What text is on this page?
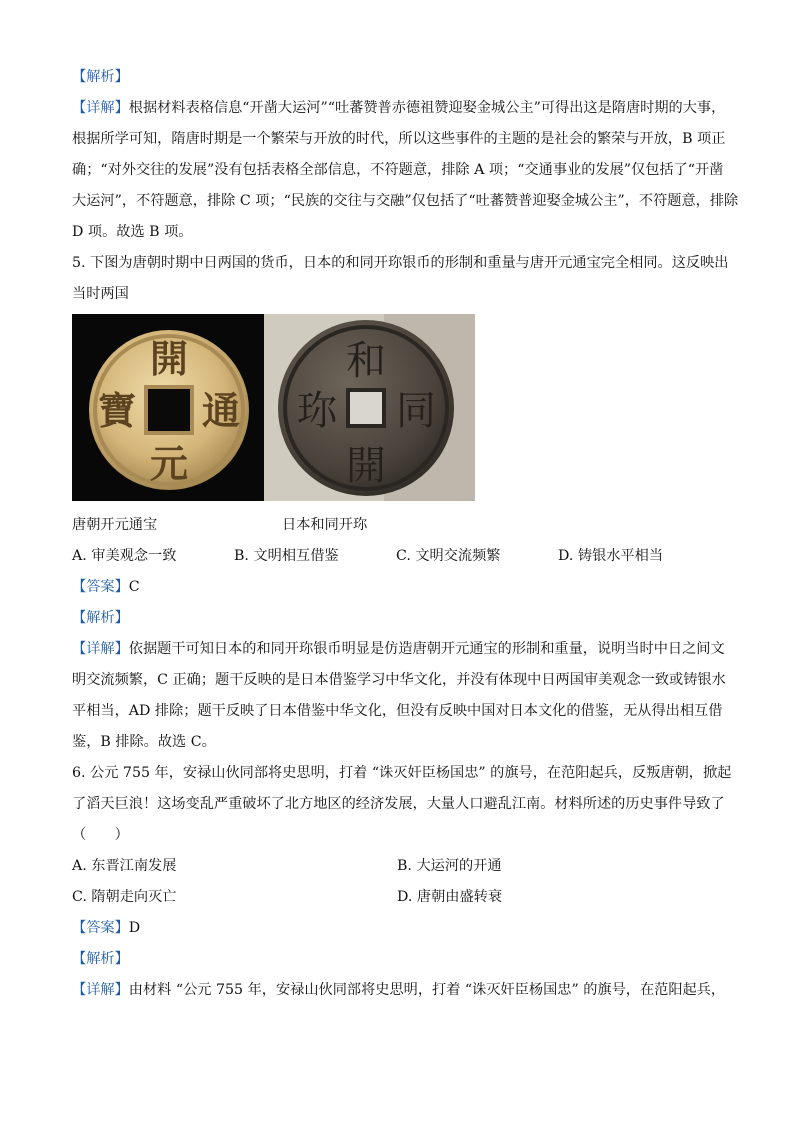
【解析】
【详解】根据材料表格信息“开凿大运河”“吐蕃赞普赤德祖赞迎娶金城公主”可得出这是隋唐时期的大事，
根据所学可知，隋唐时期是一个繁荣与开放的时代，所以这些事件的主题的是社会的繁荣与开放，B 项正
确；“对外交往的发展”没有包括表格全部信息，不符题意，排除 A 项；“交通事业的发展”仅包括了“开凿
大运河”，不符题意，排除 C 项；“民族的交往与交融”仅包括了“吐蕃赞普迎娶金城公主”，不符题意，排除
D 项。故选 B 项。
5. 下图为唐朝时期中日两国的货币，日本的和同开珎银币的形制和重量与唐开元通宝完全相同。这反映出
当时两国
開
元
通
寶
和
同
開
珎
唐朝开元通宝	日本和同开珎
A. 审美观念一致	B. 文明相互借鉴	C. 文明交流频繁	D. 铸银水平相当
【答案】C
【解析】
【详解】依据题干可知日本的和同开珎银币明显是仿造唐朝开元通宝的形制和重量，说明当时中日之间文
明交流频繁，C 正确；题干反映的是日本借鉴学习中华文化，并没有体现中日两国审美观念一致或铸银水
平相当，AD 排除；题干反映了日本借鉴中华文化，但没有反映中国对日本文化的借鉴，无从得出相互借
鉴，B 排除。故选 C。
6. 公元 755 年，安禄山伙同部将史思明，打着 “诛灭奸臣杨国忠” 的旗号，在范阳起兵，反叛唐朝，掀起
了滔天巨浪！这场变乱严重破坏了北方地区的经济发展，大量人口避乱江南。材料所述的历史事件导致了
（　　）
A. 东晋江南发展	B. 大运河的开通
C. 隋朝走向灭亡	D. 唐朝由盛转衰
【答案】D
【解析】
【详解】由材料 “公元 755 年，安禄山伙同部将史思明，打着 “诛灭奸臣杨国忠” 的旗号，在范阳起兵，
